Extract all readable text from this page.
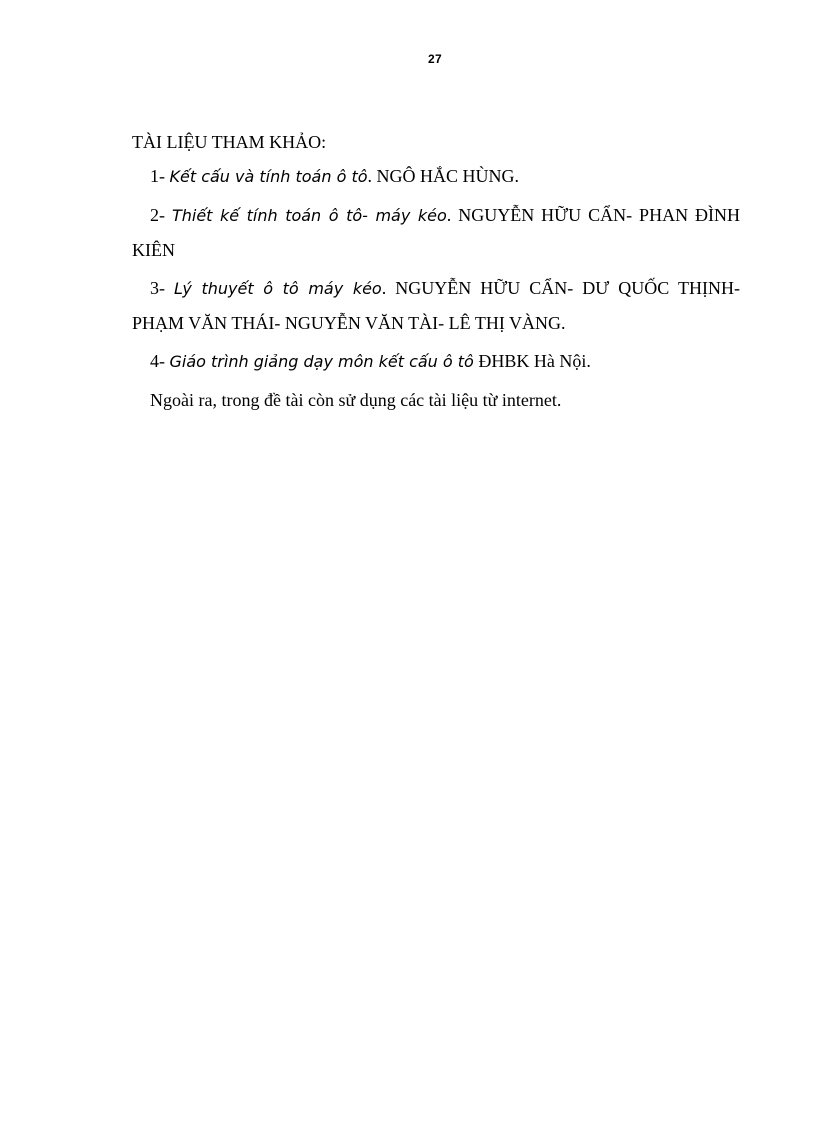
27

TÀI LIỆU THAM KHẢO:

1- Kết cấu và tính toán ô tô. NGÔ HẮC HÙNG.

2- Thiết kế tính toán ô tô- máy kéo. NGUYỄN HỮU CẨN- PHAN ĐÌNH KIÊN

3- Lý thuyết ô tô máy kéo. NGUYỄN HỮU CẨN- DƯ QUỐC THỊNH- PHẠM VĂN THÁI- NGUYỄN VĂN TÀI- LÊ THỊ VÀNG.

4- Giáo trình giảng dạy môn kết cấu ô tô ĐHBK Hà Nội.

Ngoài ra, trong đề tài còn sử dụng các tài liệu từ internet.
